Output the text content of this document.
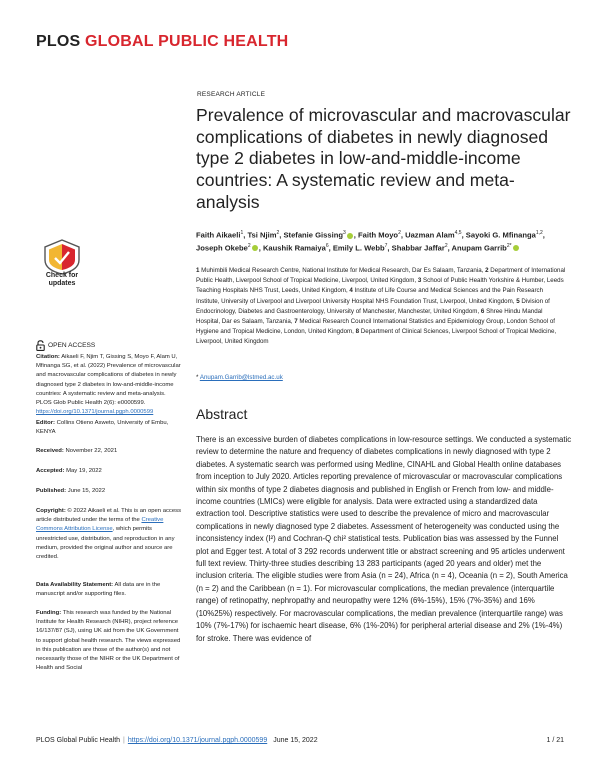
PLOS GLOBAL PUBLIC HEALTH
RESEARCH ARTICLE
Prevalence of microvascular and macrovascular complications of diabetes in newly diagnosed type 2 diabetes in low-and-middle-income countries: A systematic review and meta-analysis
Faith Aikaeli$^1$, Tsi Njim$^2$, Stefanie Gissing$^3$ , Faith Moyo$^2$, Uazman Alam$^{4,5}$, Sayoki G. Mfinanga$^{1,2}$, Joseph Okebe$^2$ , Kaushik Ramaiya$^6$, Emily L. Webb$^7$, Shabbar Jaffar$^2$, Anupam Garrib$^{2*}$
1 Muhimbili Medical Research Centre, National Institute for Medical Research, Dar Es Salaam, Tanzania, 2 Department of International Public Health, Liverpool School of Tropical Medicine, Liverpool, United Kingdom, 3 School of Public Health Yorkshire & Humber, Leeds Teaching Hospitals NHS Trust, Leeds, United Kingdom, 4 Institute of Life Course and Medical Sciences and the Pain Research Institute, University of Liverpool and Liverpool University Hospital NHS Foundation Trust, Liverpool, United Kingdom, 5 Division of Endocrinology, Diabetes and Gastroenterology, University of Manchester, Manchester, United Kingdom, 6 Shree Hindu Mandal Hospital, Dar es Salaam, Tanzania, 7 Medical Research Council International Statistics and Epidemiology Group, London School of Hygiene and Tropical Medicine, London, United Kingdom, 8 Department of Clinical Sciences, Liverpool School of Tropical Medicine, Liverpool, United Kingdom
* Anupam.Garrib@lstmed.ac.uk
Abstract
There is an excessive burden of diabetes complications in low-resource settings. We conducted a systematic review to determine the nature and frequency of diabetes complications in newly diagnosed with type 2 diabetes. A systematic search was performed using Medline, CINAHL and Global Health online databases from inception to July 2020. Articles reporting prevalence of microvascular or macrovascular complications within six months of type 2 diabetes diagnosis and published in English or French from low- and middle-income countries (LMICs) were eligible for analysis. Data were extracted using a standardized data extraction tool. Descriptive statistics were used to describe the prevalence of micro and macrovascular complications in newly diagnosed type 2 diabetes. Assessment of heterogeneity was conducted using the inconsistency index (I²) and Cochran-Q chi² statistical tests. Publication bias was assessed by the Funnel plot and Egger test. A total of 3 292 records underwent title or abstract screening and 95 articles underwent full text review. Thirty-three studies describing 13 283 participants (aged 20 years and older) met the inclusion criteria. The eligible studies were from Asia (n = 24), Africa (n = 4), Oceania (n = 2), South America (n = 2) and the Caribbean (n = 1). For microvascular complications, the median prevalence (interquartile range) of retinopathy, nephropathy and neuropathy were 12% (6%-15%), 15% (7%-35%) and 16% (10%25%) respectively. For macrovascular complications, the median prevalence (interquartile range) was 10% (7%-17%) for ischaemic heart disease, 6% (1%-20%) for peripheral arterial disease and 2% (1%-4%) for stroke. There was evidence of
Check for
updates
OPEN ACCESS
Citation: Aikaeli F, Njim T, Gissing S, Moyo F, Alam U, Mfinanga SG, et al. (2022) Prevalence of microvascular and macrovascular complications of diabetes in newly diagnosed type 2 diabetes in low-and-middle-income countries: A systematic review and meta-analysis. PLOS Glob Public Health 2(6): e0000599. https://doi.org/10.1371/journal.pgph.0000599
Editor: Collins Otieno Asweto, University of Embu, KENYA
Received: November 22, 2021
Accepted: May 19, 2022
Published: June 15, 2022
Copyright: © 2022 Aikaeli et al. This is an open access article distributed under the terms of the Creative Commons Attribution License, which permits unrestricted use, distribution, and reproduction in any medium, provided the original author and source are credited.
Data Availability Statement: All data are in the manuscript and/or supporting files.
Funding: This research was funded by the National Institute for Health Research (NIHR), project reference 16/137/87 (SJ), using UK aid from the UK Government to support global health research. The views expressed in this publication are those of the author(s) and not necessarily those of the NIHR or the UK Department of Health and Social
PLOS Global Public Health | https://doi.org/10.1371/journal.pgph.0000599 June 15, 2022	1 / 21
